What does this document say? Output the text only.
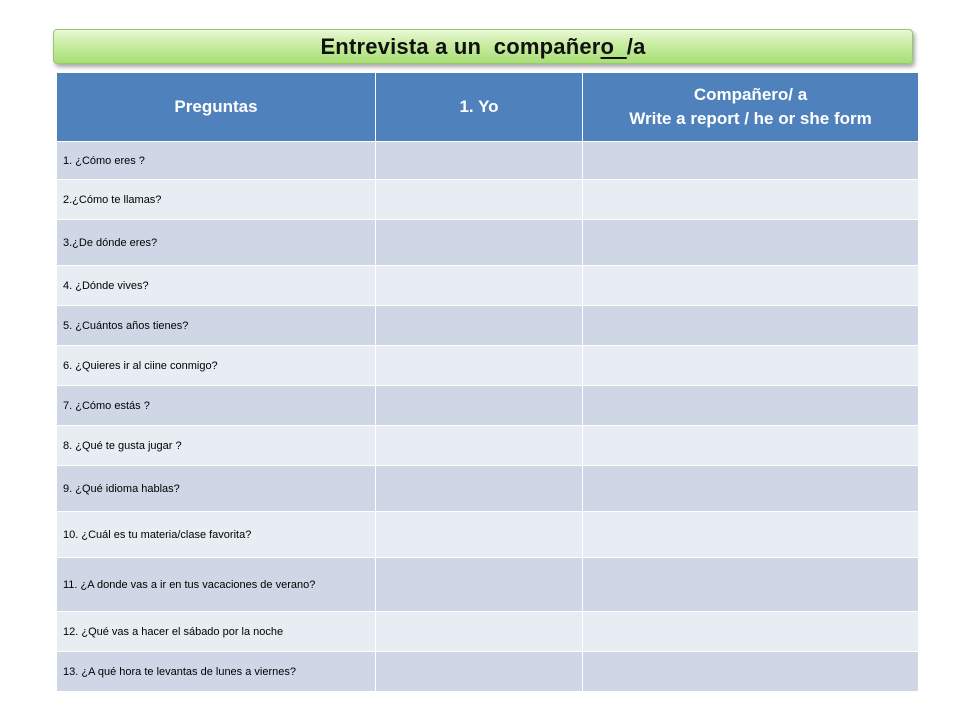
Entrevista a un  compañero  /a
Preguntas	1. Yo	Compañero/ a
Write a report / he or she form

1. ¿Cómo eres ?		
2.¿Cómo te llamas?		
3.¿De dónde eres?		
4. ¿Dónde vives?		
5. ¿Cuántos años tienes?		
6. ¿Quieres ir al ciine conmigo?		
7. ¿Cómo estás ?		
8. ¿Qué te gusta jugar ?		
9. ¿Qué idioma hablas?		
10. ¿Cuál es tu materia/clase favorita?		
11. ¿A donde vas a ir en tus vacaciones de verano?		
12. ¿Qué vas a hacer el sábado por la noche		
13. ¿A qué hora te levantas de lunes a viernes?		
